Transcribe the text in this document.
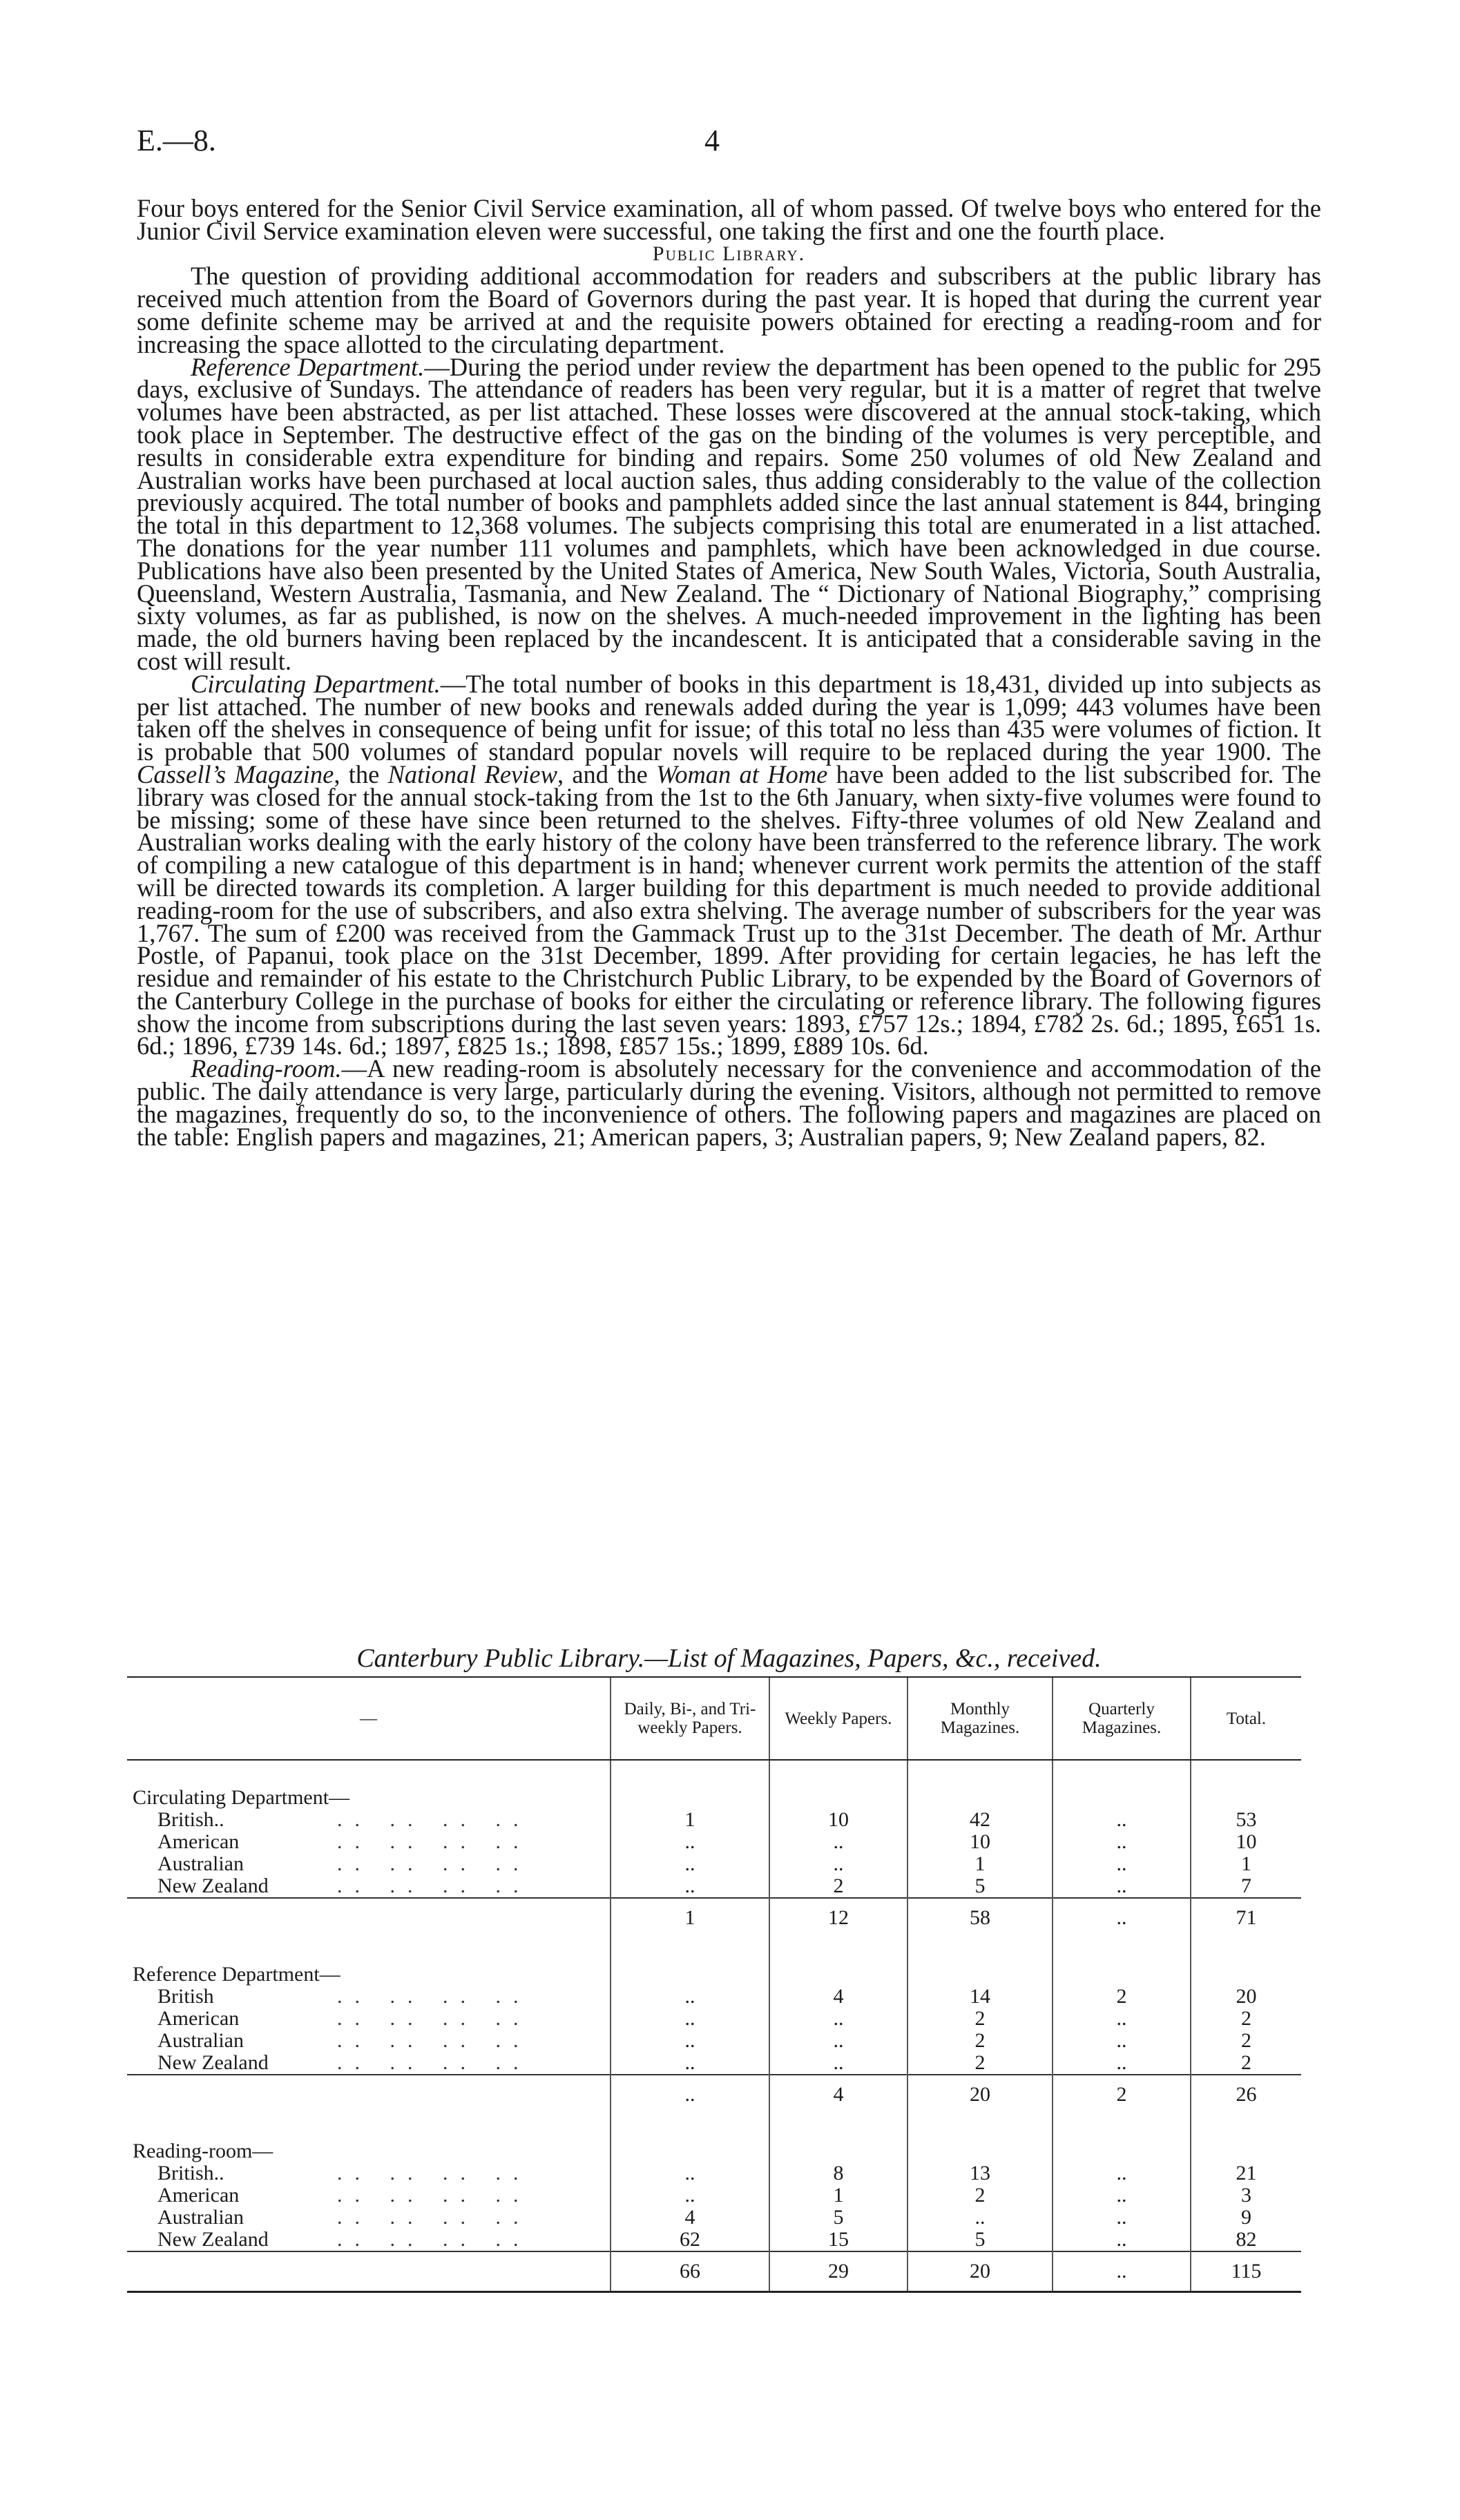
E.—8.	4

Four boys entered for the Senior Civil Service examination, all of whom passed. Of twelve boys who entered for the Junior Civil Service examination eleven were successful, one taking the first and one the fourth place.

Public Library.

The question of providing additional accommodation for readers and subscribers at the public library has received much attention from the Board of Governors during the past year. It is hoped that during the current year some definite scheme may be arrived at and the requisite powers obtained for erecting a reading-room and for increasing the space allotted to the circulating department.

Reference Department.—During the period under review the department has been opened to the public for 295 days, exclusive of Sundays. The attendance of readers has been very regular, but it is a matter of regret that twelve volumes have been abstracted, as per list attached. These losses were discovered at the annual stock-taking, which took place in September. The destructive effect of the gas on the binding of the volumes is very perceptible, and results in considerable extra expenditure for binding and repairs. Some 250 volumes of old New Zealand and Australian works have been purchased at local auction sales, thus adding considerably to the value of the collection previously acquired. The total number of books and pamphlets added since the last annual statement is 844, bringing the total in this department to 12,368 volumes. The subjects comprising this total are enumerated in a list attached. The donations for the year number 111 volumes and pamphlets, which have been acknowledged in due course. Publications have also been presented by the United States of America, New South Wales, Victoria, South Australia, Queensland, Western Australia, Tasmania, and New Zealand. The “ Dictionary of National Biography,” comprising sixty volumes, as far as published, is now on the shelves. A much-needed improvement in the lighting has been made, the old burners having been replaced by the incandescent. It is anticipated that a considerable saving in the cost will result.

Circulating Department.—The total number of books in this department is 18,431, divided up into subjects as per list attached. The number of new books and renewals added during the year is 1,099; 443 volumes have been taken off the shelves in consequence of being unfit for issue; of this total no less than 435 were volumes of fiction. It is probable that 500 volumes of standard popular novels will require to be replaced during the year 1900. The Cassell’s Magazine, the National Review, and the Woman at Home have been added to the list subscribed for. The library was closed for the annual stock-taking from the 1st to the 6th January, when sixty-five volumes were found to be missing; some of these have since been returned to the shelves. Fifty-three volumes of old New Zealand and Australian works dealing with the early history of the colony have been transferred to the reference library. The work of compiling a new catalogue of this department is in hand; whenever current work permits the attention of the staff will be directed towards its completion. A larger building for this department is much needed to provide additional reading-room for the use of subscribers, and also extra shelving. The average number of subscribers for the year was 1,767. The sum of £200 was received from the Gammack Trust up to the 31st December. The death of Mr. Arthur Postle, of Papanui, took place on the 31st December, 1899. After providing for certain legacies, he has left the residue and remainder of his estate to the Christchurch Public Library, to be expended by the Board of Governors of the Canterbury College in the purchase of books for either the circulating or reference library. The following figures show the income from subscriptions during the last seven years: 1893, £757 12s.; 1894, £782 2s. 6d.; 1895, £651 1s. 6d.; 1896, £739 14s. 6d.; 1897, £825 1s.; 1898, £857 15s.; 1899, £889 10s. 6d.

Reading-room.—A new reading-room is absolutely necessary for the convenience and accommodation of the public. The daily attendance is very large, particularly during the evening. Visitors, although not permitted to remove the magazines, frequently do so, to the inconvenience of others. The following papers and magazines are placed on the table: English papers and magazines, 21; American papers, 3; Australian papers, 9; New Zealand papers, 82.

Canterbury Public Library.—List of Magazines, Papers, &c., received.
—	Daily, Bi-, and Tri-weekly Papers.	Weekly Papers.	Monthly Magazines.	Quarterly Magazines.	Total.

Circulating Department—					
British.. .. .. .. ..	1	10	42	..	53
American .. .. .. ..	..	..	10	..	10
Australian .. .. .. ..	..	..	1	..	1
New Zealand .. .. .. ..	..	2	5	..	7
	1	12	58	..	71

Reference Department—					
British .. .. .. ..	..	4	14	2	20
American .. .. .. ..	..	..	2	..	2
Australian .. .. .. ..	..	..	2	..	2
New Zealand .. .. .. ..	..	..	2	..	2
	..	4	20	2	26

Reading-room—					
British.. .. .. .. ..	..	8	13	..	21
American .. .. .. ..	..	1	2	..	3
Australian .. .. .. ..	4	5	..	..	9
New Zealand .. .. .. ..	62	15	5	..	82
	66	29	20	..	115
